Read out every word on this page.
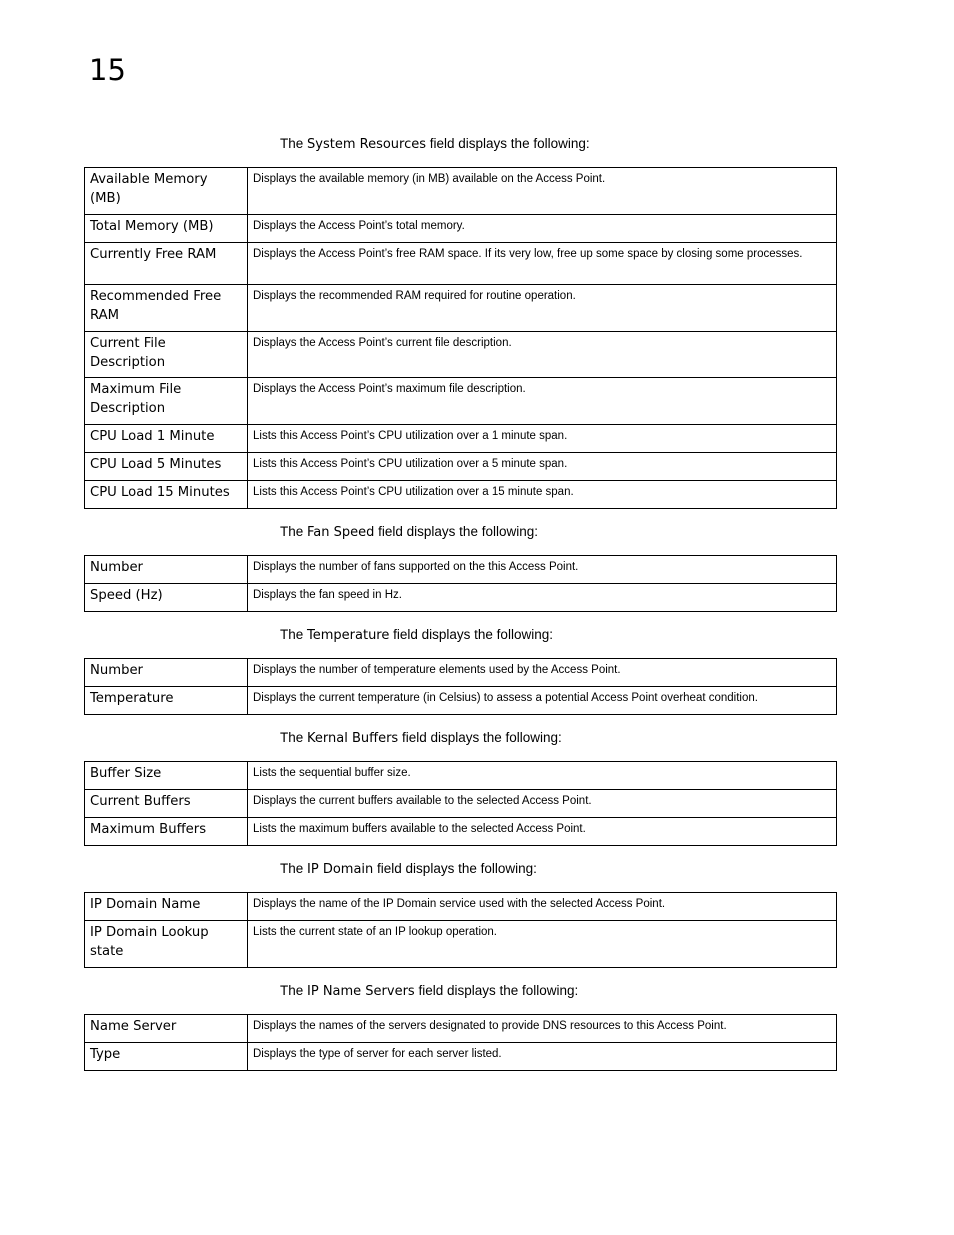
15
The System Resources field displays the following:
Available Memory (MB)	Displays the available memory (in MB) available on the Access Point.
Total Memory (MB)	Displays the Access Point’s total memory.
Currently Free RAM	Displays the Access Point’s free RAM space. If its very low, free up some space by closing some processes.
Recommended Free RAM	Displays the recommended RAM required for routine operation.
Current File Description	Displays the Access Point’s current file description.
Maximum File Description	Displays the Access Point’s maximum file description.
CPU Load 1 Minute	Lists this Access Point’s CPU utilization over a 1 minute span.
CPU Load 5 Minutes	Lists this Access Point’s CPU utilization over a 5 minute span.
CPU Load 15 Minutes	Lists this Access Point’s CPU utilization over a 15 minute span.
The Fan Speed field displays the following:
Number	Displays the number of fans supported on the this Access Point.
Speed (Hz)	Displays the fan speed in Hz.
The Temperature field displays the following:
Number	Displays the number of temperature elements used by the Access Point.
Temperature	Displays the current temperature (in Celsius) to assess a potential Access Point overheat condition.
The Kernal Buffers field displays the following:
Buffer Size	Lists the sequential buffer size.
Current Buffers	Displays the current buffers available to the selected Access Point.
Maximum Buffers	Lists the maximum buffers available to the selected Access Point.
The IP Domain field displays the following:
IP Domain Name	Displays the name of the IP Domain service used with the selected Access Point.
IP Domain Lookup state	Lists the current state of an IP lookup operation.
The IP Name Servers field displays the following:
Name Server	Displays the names of the servers designated to provide DNS resources to this Access Point.
Type	Displays the type of server for each server listed.
